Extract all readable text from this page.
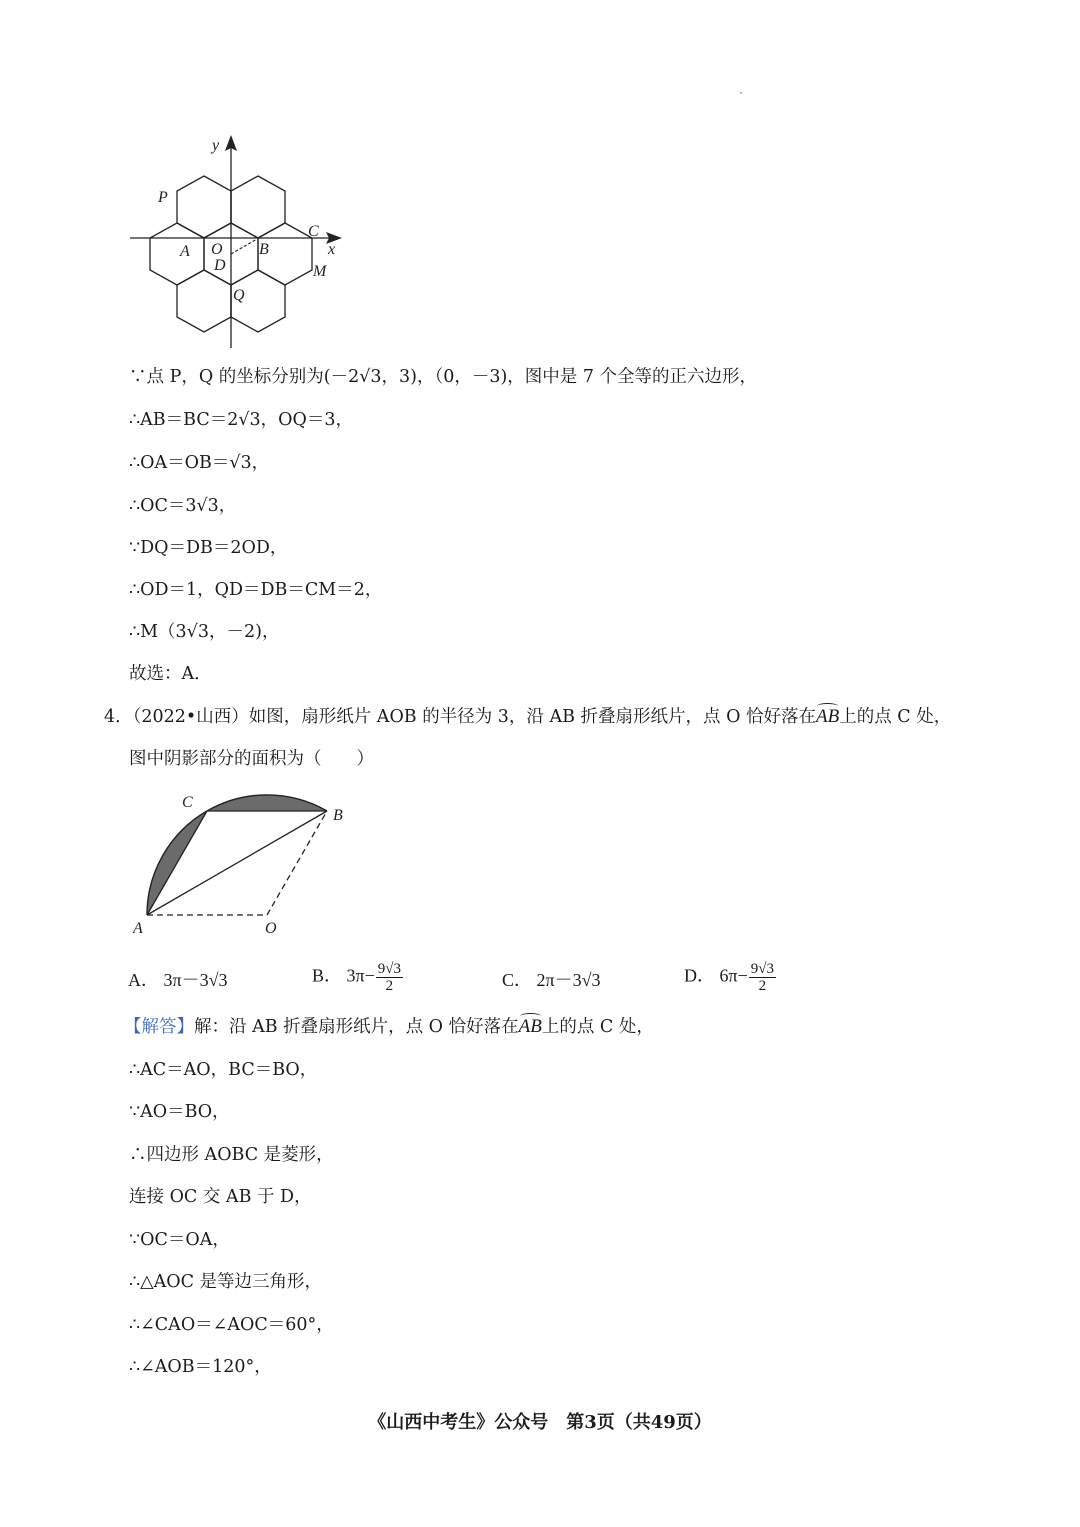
y
x
P
C
A O B
D	M
Q
∵点 P，Q 的坐标分别为(－2√3，3)，（0，－3)，图中是 7 个全等的正六边形，
∴AB＝BC＝2√3，OQ＝3，
∴OA＝OB＝√3，
∴OC＝3√3，
∵DQ＝DB＝2OD，
∴OD＝1，QD＝DB＝CM＝2，
∴M（3√3，－2)，
故选：A．
4．（2022•山西）如图，扇形纸片 AOB 的半径为 3，沿 AB 折叠扇形纸片，点 O 恰好落在AB上的点 C 处，
图中阴影部分的面积为（　　）
C
B
A	O
A． 3π－3√3	B． $3\pi- \frac{9√3}{2}$	C． 2π－3√3	D． $6\pi- \frac{9√3}{2}$
【解答】解：沿 AB 折叠扇形纸片，点 O 恰好落在AB上的点 C 处，
∴AC＝AO，BC＝BO，
∵AO＝BO，
∴四边形 AOBC 是菱形，
连接 OC 交 AB 于 D，
∵OC＝OA，
∴△AOC 是等边三角形，
∴∠CAO＝∠AOC＝60°，
∴∠AOB＝120°，
《山西中考生》公众号　第3页（共49页）
